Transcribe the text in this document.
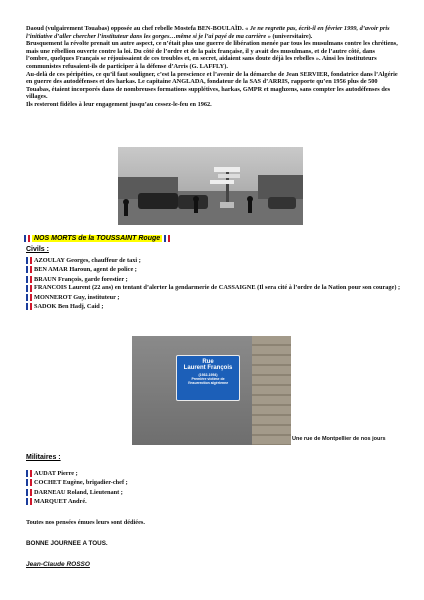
Daoud (vulgairement Touabas) opposée au chef rebelle Mostefa BEN-BOULAÏD. « Je ne regrette pas, écrit-il en février 1999, d’avoir pris l’initiative d’aller chercher l’instituteur dans les gorges…même si je l’ai payé de ma carrière » (universitaire).

Brusquement la révolte prenait un autre aspect, ce n’était plus une guerre de libération menée par tous les musulmans contre les chrétiens, mais une rébellion ouverte contre la loi. Du côté de l’ordre et de la paix française, il y avait des musulmans, et de l’autre côté, dans l’ombre, quelques Français se réjouissaient de ces troubles et, en secret, aidaient sans doute déjà les rebelles ». Ainsi les instituteurs communistes refusaient-ils de participer à la défense d’Arris (G. LAFFLY).

Au-delà de ces péripéties, ce qu’il faut souligner, c’est la prescience et l’avenir de la démarche de Jean SERVIER, fondatrice dans l’Algérie en guerre des autodéfenses et des harkas. Le capitaine ANGLADA, fondateur de la SAS d’ARRIS, rapporte qu’en 1956 plus de 500 Touabas, étaient incorporés dans de nombreuses formations supplétives, harkas, GMPR et maghzens, sans compter les autodéfenses des villages.

Ils resteront fidèles à leur engagement jusqu’au cessez-le-feu en 1962.

NOS MORTS de la TOUSSAINT Rouge
Civils :
AZOULAY Georges, chauffeur de taxi ;
BEN AMAR Haroun, agent de police ;
BRAUN François, garde forestier ;
FRANCOIS Laurent (22 ans) en tentant d’alerter la gendarmerie de CASSAIGNE (Il sera cité à l’ordre de la Nation pour son courage) ;
MONNEROT Guy, instituteur ;
SADOK Ben Hadj, Caid ;
Rue
Laurent François
(1932-1954)
Première victime de
l'insurrection algérienne
Une rue de Montpellier de nos jours
Militaires :
AUDAT Pierre ;
COCHET Eugène, brigadier-chef ;
DARNEAU Roland, Lieutenant ;
MARQUET André.
Toutes nos pensées émues leurs sont dédiées.
BONNE JOURNEE A TOUS.
Jean-Claude ROSSO
